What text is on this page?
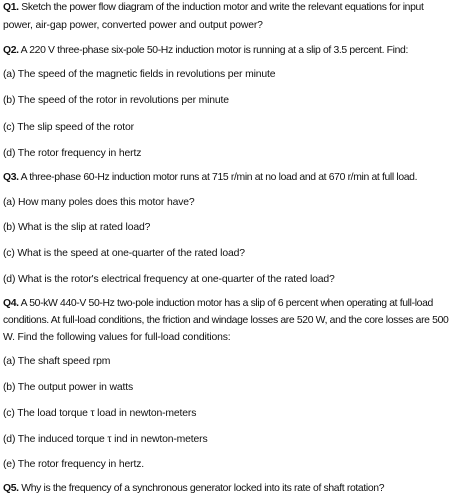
Q1. Sketch the power flow diagram of the induction motor and write the relevant equations for input
power, air-gap power, converted power and output power?
Q2. A 220 V three-phase six-pole 50-Hz induction motor is running at a slip of 3.5 percent. Find:
(a) The speed of the magnetic fields in revolutions per minute
(b) The speed of the rotor in revolutions per minute
(c) The slip speed of the rotor
(d) The rotor frequency in hertz
Q3. A three-phase 60-Hz induction motor runs at 715 r/min at no load and at 670 r/min at full load.
(a) How many poles does this motor have?
(b) What is the slip at rated load?
(c) What is the speed at one-quarter of the rated load?
(d) What is the rotor's electrical frequency at one-quarter of the rated load?
Q4. A 50-kW 440-V 50-Hz two-pole induction motor has a slip of 6 percent when operating at full-load
conditions. At full-load conditions, the friction and windage losses are 520 W, and the core losses are 500
W. Find the following values for full-load conditions:
(a) The shaft speed rpm
(b) The output power in watts
(c) The load torque τ load in newton-meters
(d) The induced torque τ ind in newton-meters
(e) The rotor frequency in hertz.
Q5. Why is the frequency of a synchronous generator locked into its rate of shaft rotation?
